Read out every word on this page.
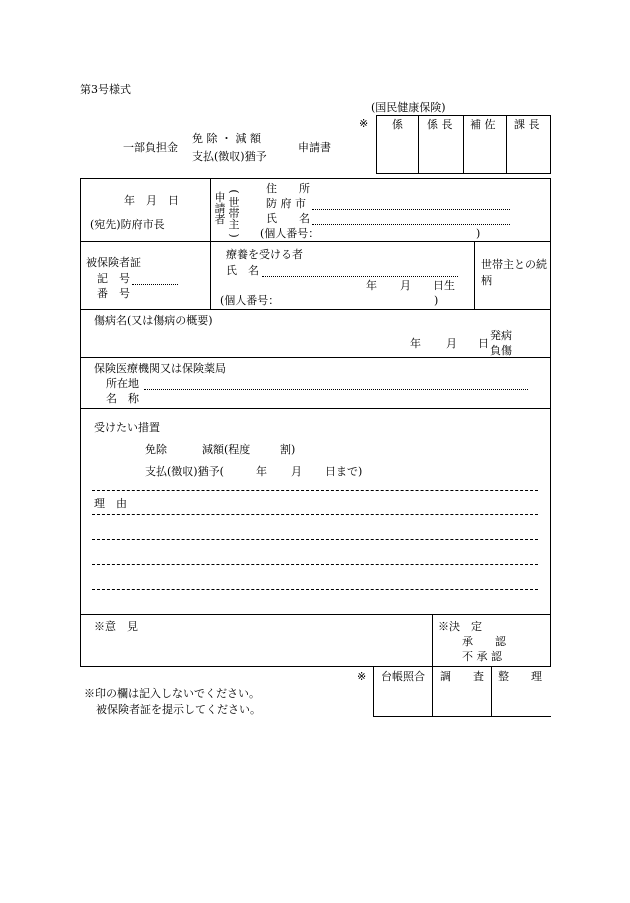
第3号様式
(国民健康保険)
※ 係 係 長 補 佐 課 長
一部負担金
免 除 ・ 減 額
支払(徴収)猶予
申請書
年　月　日
(宛先)防府市長
申請者
(
世帯主
)
住　　所
防 府 市
氏　　名
(個人番号：	)
被保険者証
記　号
番　号
療養を受ける者
氏　名
年 月 日生
(個人番号：	)
世帯主との続柄
傷病名(又は傷病の概要)
年 月 日
発病
負傷
保険医療機関又は保険薬局
所在地
名　称
受けたい措置
免除	減額(程度	割)
支払(徴収)猶予(	年 月 日まで)
理　由
※意　見	※決　定
承　　認
不 承 認
※ 台帳照合 調　　査 整　　理
※印の欄は記入しないでください。
被保険者証を提示してください。
